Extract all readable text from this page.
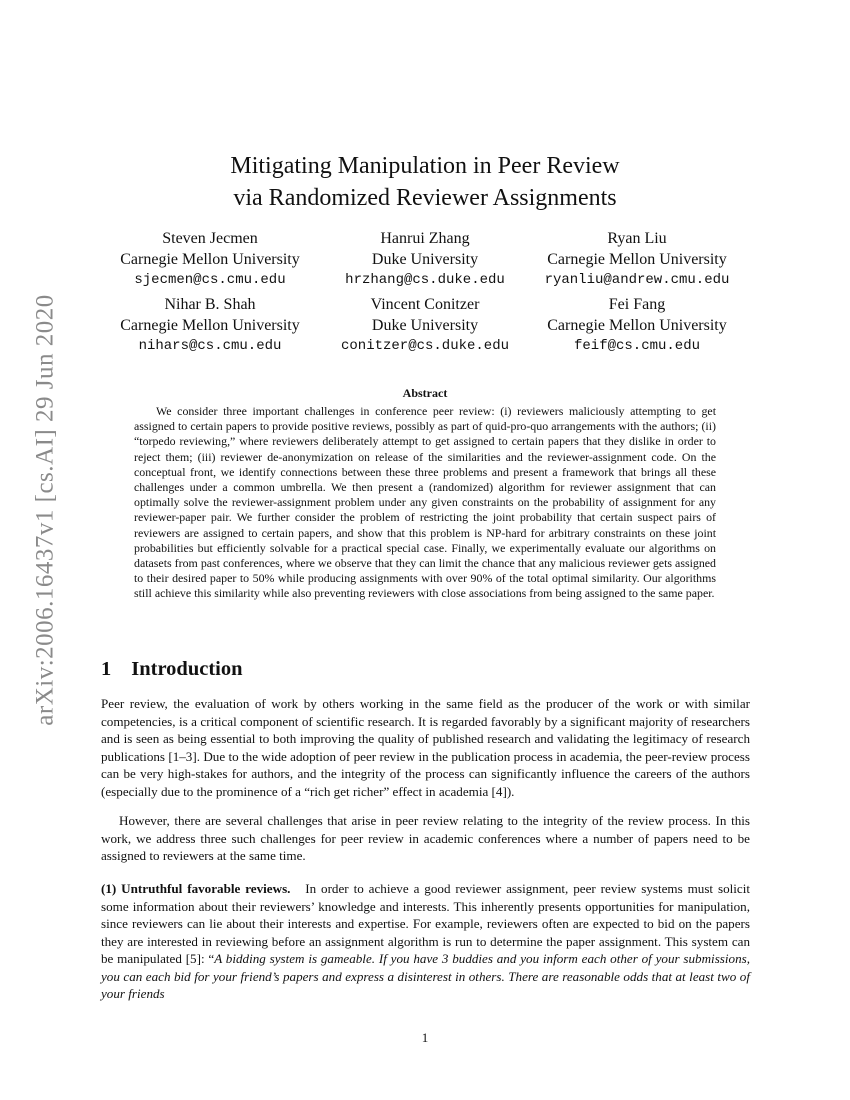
arXiv:2006.16437v1 [cs.AI] 29 Jun 2020
Mitigating Manipulation in Peer Review
via Randomized Reviewer Assignments
Steven Jecmen
Carnegie Mellon University
sjecmen@cs.cmu.edu
Hanrui Zhang
Duke University
hrzhang@cs.duke.edu
Ryan Liu
Carnegie Mellon University
ryanliu@andrew.cmu.edu
Nihar B. Shah
Carnegie Mellon University
nihars@cs.cmu.edu
Vincent Conitzer
Duke University
conitzer@cs.duke.edu
Fei Fang
Carnegie Mellon University
feif@cs.cmu.edu
Abstract

We consider three important challenges in conference peer review: (i) reviewers maliciously attempting to get assigned to certain papers to provide positive reviews, possibly as part of quid-pro-quo arrangements with the authors; (ii) “torpedo reviewing,” where reviewers deliberately attempt to get assigned to certain papers that they dislike in order to reject them; (iii) reviewer de-anonymization on release of the similarities and the reviewer-assignment code. On the conceptual front, we identify connections between these three problems and present a framework that brings all these challenges under a common umbrella. We then present a (randomized) algorithm for reviewer assignment that can optimally solve the reviewer-assignment problem under any given constraints on the probability of assignment for any reviewer-paper pair. We further consider the problem of restricting the joint probability that certain suspect pairs of reviewers are assigned to certain papers, and show that this problem is NP-hard for arbitrary constraints on these joint probabilities but efficiently solvable for a practical special case. Finally, we experimentally evaluate our algorithms on datasets from past conferences, where we observe that they can limit the chance that any malicious reviewer gets assigned to their desired paper to 50% while producing assignments with over 90% of the total optimal similarity. Our algorithms still achieve this similarity while also preventing reviewers with close associations from being assigned to the same paper.

1 Introduction

Peer review, the evaluation of work by others working in the same field as the producer of the work or with similar competencies, is a critical component of scientific research. It is regarded favorably by a significant majority of researchers and is seen as being essential to both improving the quality of published research and validating the legitimacy of research publications [1–3]. Due to the wide adoption of peer review in the publication process in academia, the peer-review process can be very high-stakes for authors, and the integrity of the process can significantly influence the careers of the authors (especially due to the prominence of a “rich get richer” effect in academia [4]).

However, there are several challenges that arise in peer review relating to the integrity of the review process. In this work, we address three such challenges for peer review in academic conferences where a number of papers need to be assigned to reviewers at the same time.

(1) Untruthful favorable reviews. In order to achieve a good reviewer assignment, peer review systems must solicit some information about their reviewers’ knowledge and interests. This inherently presents opportunities for manipulation, since reviewers can lie about their interests and expertise. For example, reviewers often are expected to bid on the papers they are interested in reviewing before an assignment algorithm is run to determine the paper assignment. This system can be manipulated [5]: “A bidding system is gameable. If you have 3 buddies and you inform each other of your submissions, you can each bid for your friend’s papers and express a disinterest in others. There are reasonable odds that at least two of your friends

1
